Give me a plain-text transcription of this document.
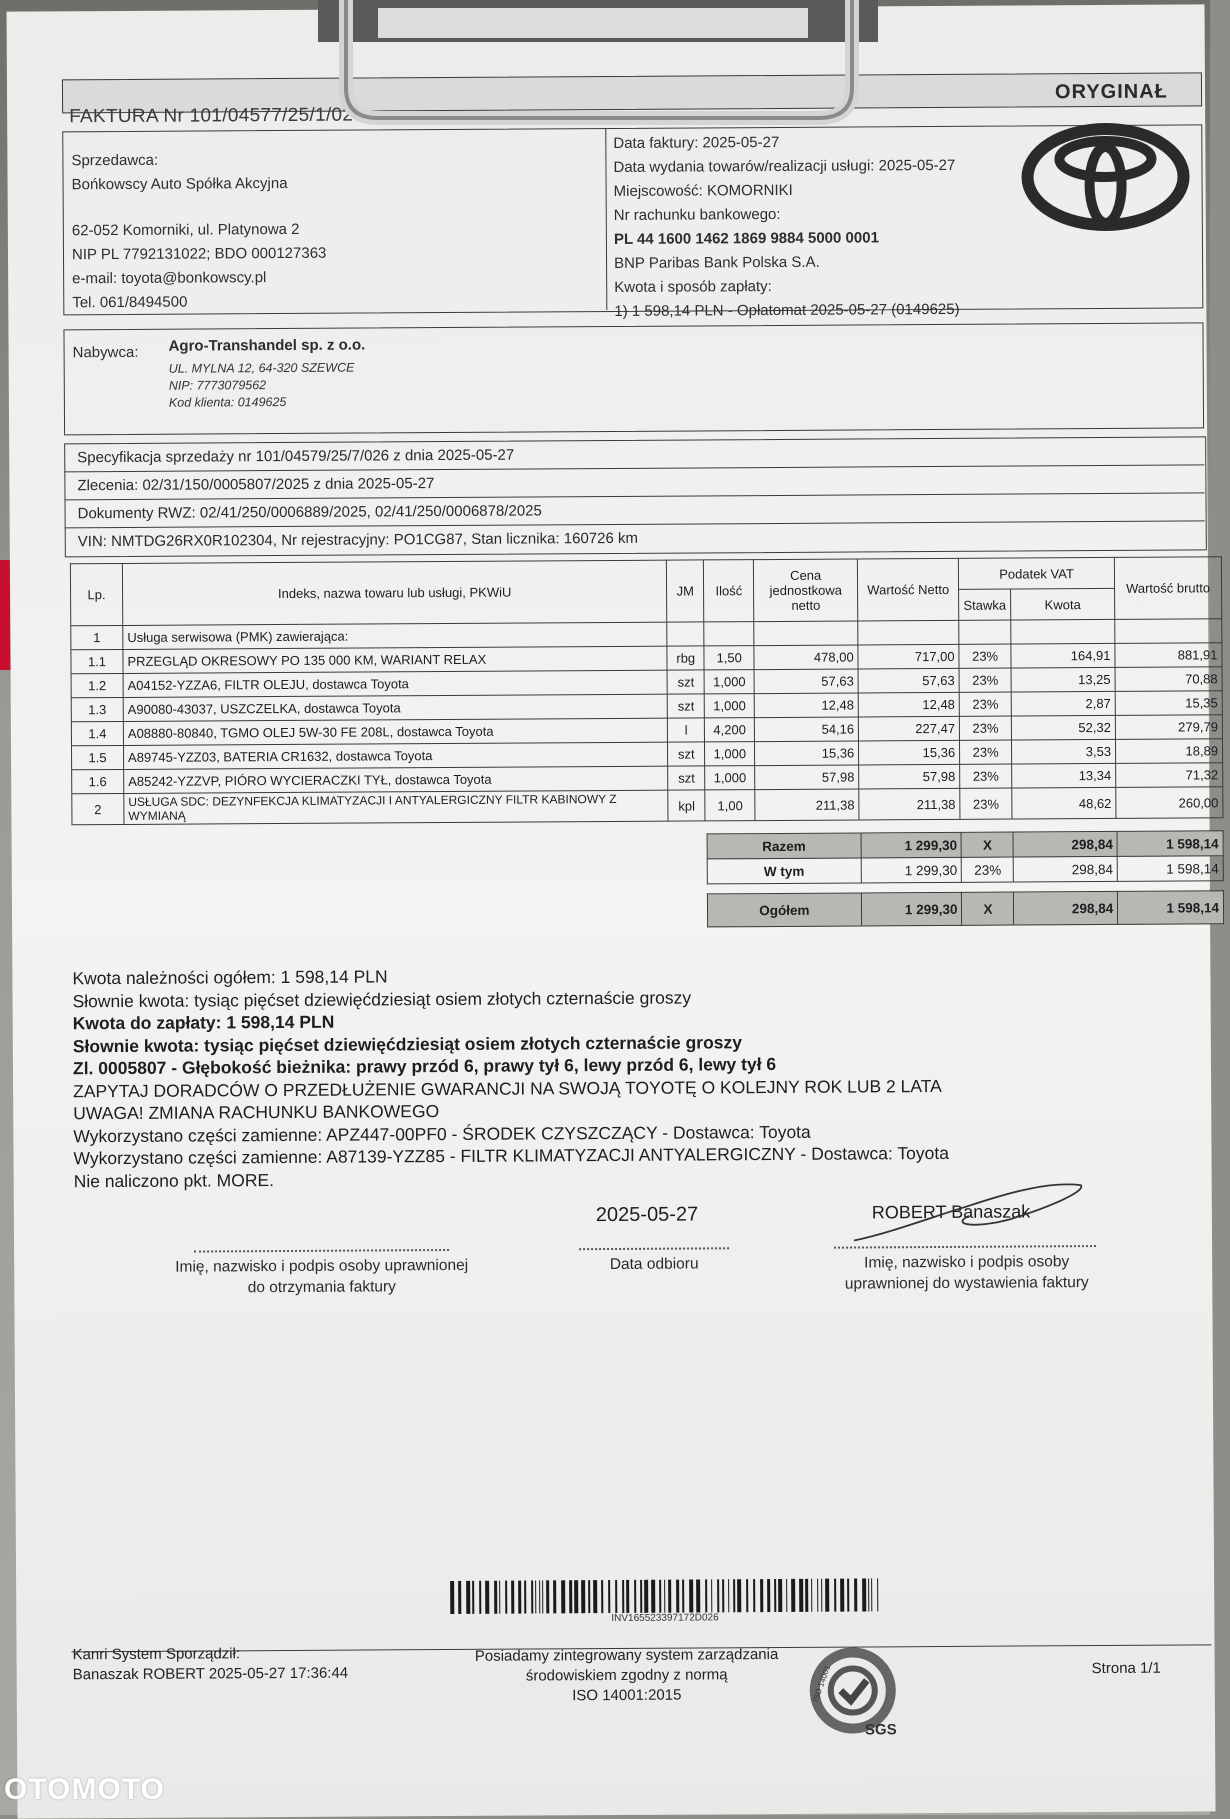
FAKTURA Nr 101/04577/25/1/026
ORYGINAŁ
Sprzedawca:
Bońkowscy Auto Spółka Akcyjna
62-052 Komorniki, ul. Platynowa 2
NIP PL 7792131022; BDO 000127363
e-mail: toyota@bonkowscy.pl
Tel. 061/8494500
Data faktury: 2025-05-27
Data wydania towarów/realizacji usługi: 2025-05-27
Miejscowość: KOMORNIKI
Nr rachunku bankowego:
PL 44 1600 1462 1869 9884 5000 0001
BNP Paribas Bank Polska S.A.
Kwota i sposób zapłaty:
1) 1 598,14 PLN - Opłatomat 2025-05-27 (0149625)
Nabywca: Agro-Transhandel sp. z o.o.
UL. MYLNA 12, 64-320 SZEWCE
NIP: 7773079562
Kod klienta: 0149625
Specyfikacja sprzedaży nr 101/04579/25/7/026 z dnia 2025-05-27
Zlecenia: 02/31/150/0005807/2025 z dnia 2025-05-27
Dokumenty RWZ: 02/41/250/0006889/2025, 02/41/250/0006878/2025
VIN: NMTDG26RX0R102304, Nr rejestracyjny: PO1CG87, Stan licznika: 160726 km
Lp.	Indeks, nazwa towaru lub usługi, PKWiU	JM	Ilość	Cena jednostkowa netto	Wartość Netto	Podatek VAT		Wartość brutto
						Stawka	Kwota	
1	Usługa serwisowa (PMK) zawierająca:							
1.1	PRZEGLĄD OKRESOWY PO 135 000 KM, WARIANT RELAX	rbg	1,50	478,00	717,00	23%	164,91	881,91
1.2	A04152-YZZA6, FILTR OLEJU, dostawca Toyota	szt	1,000	57,63	57,63	23%	13,25	70,88
1.3	A90080-43037, USZCZELKA, dostawca Toyota	szt	1,000	12,48	12,48	23%	2,87	15,35
1.4	A08880-80840, TGMO OLEJ 5W-30 FE 208L, dostawca Toyota	l	4,200	54,16	227,47	23%	52,32	279,79
1.5	A89745-YZZ03, BATERIA CR1632, dostawca Toyota	szt	1,000	15,36	15,36	23%	3,53	18,89
1.6	A85242-YZZVP, PIÓRO WYCIERACZKI TYŁ, dostawca Toyota	szt	1,000	57,98	57,98	23%	13,34	71,32
2	USŁUGA SDC: DEZYNFEKCJA KLIMATYZACJI I ANTYALERGICZNY FILTR KABINOWY Z WYMIANĄ	kpl	1,00	211,38	211,38	23%	48,62	260,00
Razem	1 299,30	X	298,84	1 598,14
W tym	1 299,30	23%	298,84	1 598,14

Ogółem	1 299,30	X	298,84	1 598,14
Kwota należności ogółem: 1 598,14 PLN
Słownie kwota: tysiąc pięćset dziewięćdziesiąt osiem złotych czternaście groszy
Kwota do zapłaty: 1 598,14 PLN
Słownie kwota: tysiąc pięćset dziewięćdziesiąt osiem złotych czternaście groszy
Zl. 0005807 - Głębokość bieżnika: prawy przód 6, prawy tył 6, lewy przód 6, lewy tył 6
ZAPYTAJ DORADCÓW O PRZEDŁUŻENIE GWARANCJI NA SWOJĄ TOYOTĘ O KOLEJNY ROK LUB 2 LATA
UWAGA! ZMIANA RACHUNKU BANKOWEGO
Wykorzystano części zamienne: APZ447-00PF0 - ŚRODEK CZYSZCZĄCY - Dostawca: Toyota
Wykorzystano części zamienne: A87139-YZZ85 - FILTR KLIMATYZACJI ANTYALERGICZNY - Dostawca: Toyota
Nie naliczono pkt. MORE.
2025-05-27	ROBERT Banaszak
Imię, nazwisko i podpis osoby uprawnionej
do otrzymania faktury
Data odbioru	Imię, nazwisko i podpis osoby
uprawnionej do wystawienia faktury
INV165523397172D026
Kanri System Sporządził:
Banaszak ROBERT 2025-05-27 17:36:44
Posiadamy zintegrowany system zarządzania
środowiskiem zgodny z normą
ISO 14001:2015	ISO 14001
SGS
Strona 1/1
OTOMOTO
